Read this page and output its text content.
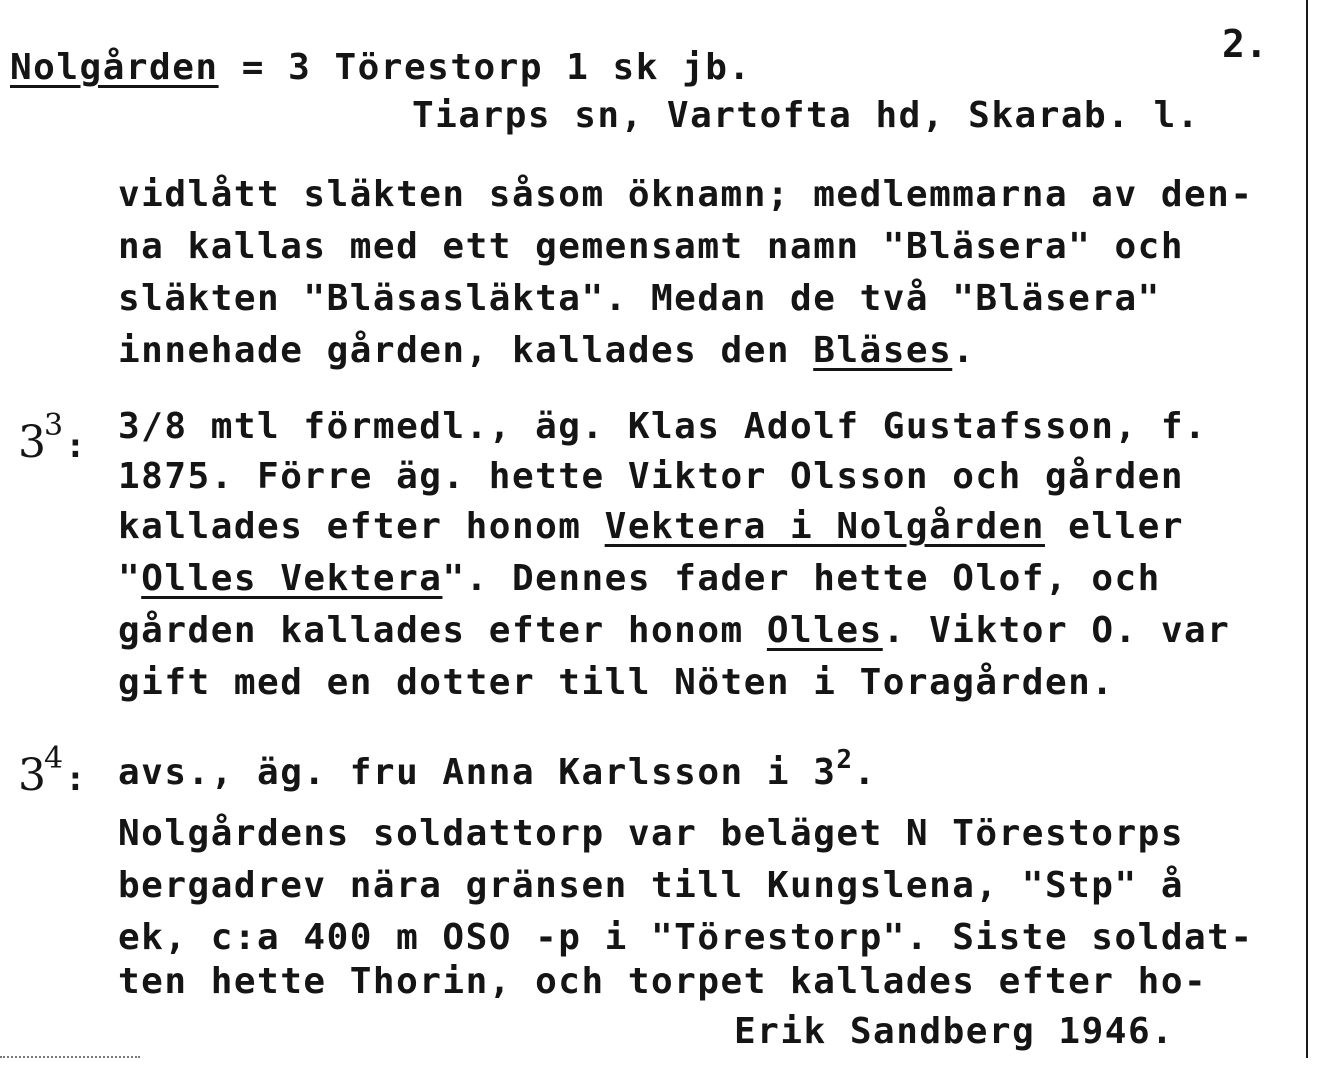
2.
Nolgården = 3 Törestorp 1 sk jb.
Tiarps sn, Vartofta hd, Skarab. l.
vidlått släkten såsom öknamn; medlemmarna av den-
na kallas med ett gemensamt namn "Bläsera" och
släkten "Bläsasläkta". Medan de två "Bläsera"
innehade gården, kallades den Bläses.
$3^3$: 3/8 mtl förmedl., äg. Klas Adolf Gustafsson, f.
1875. Förre äg. hette Viktor Olsson och gården
kallades efter honom Vektera i Nolgården eller
"Olles Vektera". Dennes fader hette Olof, och
gården kallades efter honom Olles. Viktor O. var
gift med en dotter till Nöten i Toragården.
$3^4$: avs., äg. fru Anna Karlsson i $3^2$.
Nolgårdens soldattorp var beläget N Törestorps
bergadrev nära gränsen till Kungslena, "Stp" å
ek, c:a 400 m OSO -p i "Törestorp". Siste soldat-
ten hette Thorin, och torpet kallades efter ho-
Erik Sandberg 1946.
